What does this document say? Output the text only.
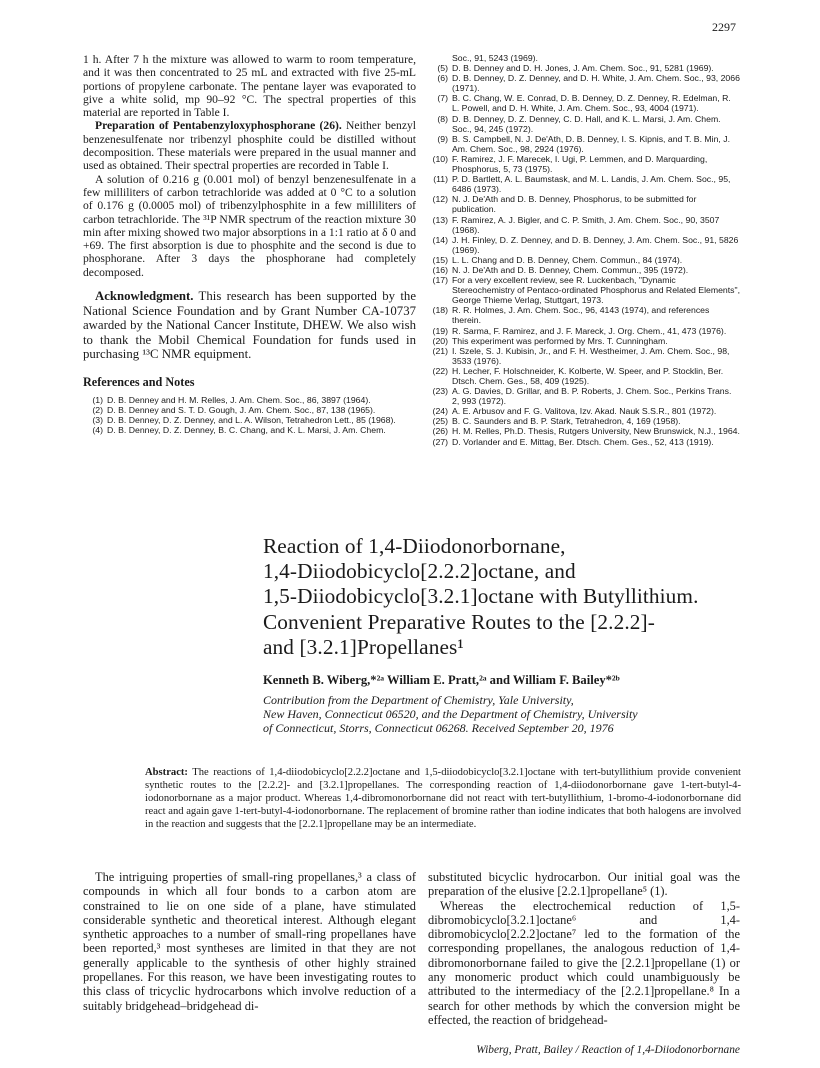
2297

1 h. After 7 h the mixture was allowed to warm to room temperature, and it was then concentrated to 25 mL and extracted with five 25-mL portions of propylene carbonate. The pentane layer was evaporated to give a white solid, mp 90–92 °C. The spectral properties of this material are reported in Table I.

Preparation of Pentabenzyloxyphosphorane (26). Neither benzyl benzenesulfenate nor tribenzyl phosphite could be distilled without decomposition. These materials were prepared in the usual manner and used as obtained. Their spectral properties are recorded in Table I.

A solution of 0.216 g (0.001 mol) of benzyl benzenesulfenate in a few milliliters of carbon tetrachloride was added at 0 °C to a solution of 0.176 g (0.0005 mol) of tribenzylphosphite in a few milliliters of carbon tetrachloride. The ³¹P NMR spectrum of the reaction mixture 30 min after mixing showed two major absorptions in a 1:1 ratio at δ 0 and +69. The first absorption is due to phosphite and the second is due to phosphorane. After 3 days the phosphorane had completely decomposed.

Acknowledgment. This research has been supported by the National Science Foundation and by Grant Number CA-10737 awarded by the National Cancer Institute, DHEW. We also wish to thank the Mobil Chemical Foundation for funds used in purchasing ¹³C NMR equipment.

References and Notes
(1) D. B. Denney and H. M. Relles, J. Am. Chem. Soc., 86, 3897 (1964).
(2) D. B. Denney and S. T. D. Gough, J. Am. Chem. Soc., 87, 138 (1965).
(3) D. B. Denney, D. Z. Denney, and L. A. Wilson, Tetrahedron Lett., 85 (1968).
(4) D. B. Denney, D. Z. Denney, B. C. Chang, and K. L. Marsi, J. Am. Chem.
Soc., 91, 5243 (1969).
(5) D. B. Denney and D. H. Jones, J. Am. Chem. Soc., 91, 5281 (1969).
(6) D. B. Denney, D. Z. Denney, and D. H. White, J. Am. Chem. Soc., 93, 2066 (1971).
(7) B. C. Chang, W. E. Conrad, D. B. Denney, D. Z. Denney, R. Edelman, R. L. Powell, and D. H. White, J. Am. Chem. Soc., 93, 4004 (1971).
(8) D. B. Denney, D. Z. Denney, C. D. Hall, and K. L. Marsi, J. Am. Chem. Soc., 94, 245 (1972).
(9) B. S. Campbell, N. J. De'Ath, D. B. Denney, I. S. Kipnis, and T. B. Min, J. Am. Chem. Soc., 98, 2924 (1976).
(10) F. Ramirez, J. F. Marecek, I. Ugi, P. Lemmen, and D. Marquarding, Phosphorus, 5, 73 (1975).
(11) P. D. Bartlett, A. L. Baumstask, and M. L. Landis, J. Am. Chem. Soc., 95, 6486 (1973).
(12) N. J. De'Ath and D. B. Denney, Phosphorus, to be submitted for publication.
(13) F. Ramirez, A. J. Bigler, and C. P. Smith, J. Am. Chem. Soc., 90, 3507 (1968).
(14) J. H. Finley, D. Z. Denney, and D. B. Denney, J. Am. Chem. Soc., 91, 5826 (1969).
(15) L. L. Chang and D. B. Denney, Chem. Commun., 84 (1974).
(16) N. J. De'Ath and D. B. Denney, Chem. Commun., 395 (1972).
(17) For a very excellent review, see R. Luckenbach, "Dynamic Stereochemistry of Pentaco-ordinated Phosphorus and Related Elements", George Thieme Verlag, Stuttgart, 1973.
(18) R. R. Holmes, J. Am. Chem. Soc., 96, 4143 (1974), and references therein.
(19) R. Sarma, F. Ramirez, and J. F. Mareck, J. Org. Chem., 41, 473 (1976).
(20) This experiment was performed by Mrs. T. Cunningham.
(21) I. Szele, S. J. Kubisin, Jr., and F. H. Westheimer, J. Am. Chem. Soc., 98, 3533 (1976).
(22) H. Lecher, F. Holschneider, K. Kolberte, W. Speer, and P. Stocklin, Ber. Dtsch. Chem. Ges., 58, 409 (1925).
(23) A. G. Davies, D. Grillar, and B. P. Roberts, J. Chem. Soc., Perkins Trans. 2, 993 (1972).
(24) A. E. Arbusov and F. G. Valitova, Izv. Akad. Nauk S.S.R., 801 (1972).
(25) B. C. Saunders and B. P. Stark, Tetrahedron, 4, 169 (1958).
(26) H. M. Relles, Ph.D. Thesis, Rutgers University, New Brunswick, N.J., 1964.
(27) D. Vorlander and E. Mittag, Ber. Dtsch. Chem. Ges., 52, 413 (1919).
Reaction of 1,4-Diiodonorbornane,
1,4-Diiodobicyclo[2.2.2]octane, and
1,5-Diiodobicyclo[3.2.1]octane with Butyllithium.
Convenient Preparative Routes to the [2.2.2]-
and [3.2.1]Propellanes¹
Kenneth B. Wiberg,*²ᵃ William E. Pratt,²ᵃ and William F. Bailey*²ᵇ
Contribution from the Department of Chemistry, Yale University,
New Haven, Connecticut 06520, and the Department of Chemistry, University
of Connecticut, Storrs, Connecticut 06268. Received September 20, 1976
Abstract: The reactions of 1,4-diiodobicyclo[2.2.2]octane and 1,5-diiodobicyclo[3.2.1]octane with tert-butyllithium provide convenient synthetic routes to the [2.2.2]- and [3.2.1]propellanes. The corresponding reaction of 1,4-diiodonorbornane gave 1-tert-butyl-4-iodonorbornane as a major product. Whereas 1,4-dibromonorbornane did not react with tert-butyllithium, 1-bromo-4-iodonorbornane did react and again gave 1-tert-butyl-4-iodonorbornane. The replacement of bromine rather than iodine indicates that both halogens are involved in the reaction and suggests that the [2.2.1]propellane may be an intermediate.

The intriguing properties of small-ring propellanes,³ a class of compounds in which all four bonds to a carbon atom are constrained to lie on one side of a plane, have stimulated considerable synthetic and theoretical interest. Although elegant synthetic approaches to a number of small-ring propellanes have been reported,³ most syntheses are limited in that they are not generally applicable to the synthesis of other highly strained propellanes. For this reason, we have been investigating routes to this class of tricyclic hydrocarbons which involve reduction of a suitably bridgehead–bridgehead di-

substituted bicyclic hydrocarbon. Our initial goal was the preparation of the elusive [2.2.1]propellane⁵ (1).

Whereas the electrochemical reduction of 1,5-dibromobicyclo[3.2.1]octane⁶ and 1,4-dibromobicyclo[2.2.2]octane⁷ led to the formation of the corresponding propellanes, the analogous reduction of 1,4-dibromonorbornane failed to give the [2.2.1]propellane (1) or any monomeric product which could unambiguously be attributed to the intermediacy of the [2.2.1]propellane.⁸ In a search for other methods by which the conversion might be effected, the reaction of bridgehead-

Wiberg, Pratt, Bailey / Reaction of 1,4-Diiodonorbornane
